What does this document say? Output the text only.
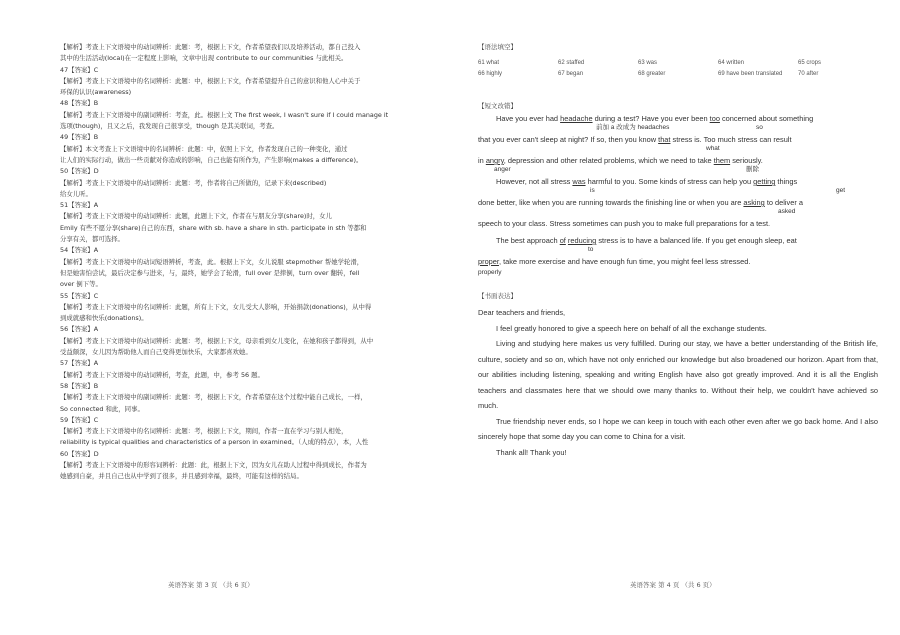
【解析】考查上下文语境中的动词辨析：此题：考，根据上下文，作者希望我们以及培养活动，都自己投入
其中的生活活动(local)在一定程度上影响，文章中出现 contribute to our communities 与此相关。
47【答案】C
【解析】考查上下文语境中的名词辨析：此题：中，根据上下文，作者希望提升自己的意识和他人心中关于
环保的认识(awareness)
48【答案】B
【解析】考查上下文语境中的副词辨析：考查，此。根据上文 The first week, I wasn't sure if I could manage it
选项(though)，且又之后，我发现自己很享受，though 是其关联词，考查。
49【答案】B
【解析】本文考查上下文语境中的名词辨析：此题：中，依照上下文，作者发现自己的一种变化，通过
让人们的实际行动，做出一些贡献对你造成的影响，自己也能有所作为，产生影响(makes a difference)。
50【答案】D
【解析】考查上下文语境中的动词辨析：此题：考，作者将自己所做的，记录下来(described)
给女儿听。
51【答案】A
【解析】考查上下文语境中的动词辨析：此题，此题上下文，作者在与朋友分享(share)时，女儿
Emily 有些不愿分享(share)自己的东西，share with sb. have a share in sth. participate in sth 等都和
分享有关，都可选择。
54【答案】A
【解析】考查上下文语境中的动词短语辨析，考查，此。根据上下文，女儿说服 stepmother 帮她学轮滑，
但是她害怕尝试，最后决定参与进来，与，最终，她学会了轮滑，full over 是摔倒，turn over 翻转，fell
over 倒下等。
55【答案】C
【解析】考查上下文语境中的名词辨析：此题，所有上下文，女儿受大人影响，开始捐款(donations)，从中得
到成就感和快乐(donations)。
56【答案】A
【解析】考查上下文语境中的动词辨析：此题：考，根据上下文，母亲看到女儿变化，在她和孩子都得到，从中
受益颇深，女儿因为帮助他人而自己变得更加快乐，大家都喜欢她。
57【答案】A
【解析】考查上下文语境中的动词辨析，考查，此题，中，参考 56 题。
58【答案】B
【解析】考查上下文语境中的副词辨析：此题：考，根据上下文，作者希望在这个过程中能自己成长，一样，
So connected 和此，同事。
59【答案】C
【解析】考查上下文语境中的名词辨析：此题：考，根据上下文，期间，作者一直在学习与别人相处，
reliability is typical qualities and characteristics of a person in examined。（人成的特点），本，人性
60【答案】D
【解析】考查上下文语境中的形容词辨析：此题：此，根据上下文，因为女儿在助人过程中得到成长，作者为
她感到自豪，并且自己也从中学到了很多，并且感到幸福，最终，可能有这样的结局。
英语答案 第 3 页 （共 6 页）
【语法填空】
61 what	62 staffed	63 was	64 written	65 crops
66 highly	67 began	68 greater	69 have been translated	70 after
【短文改错】
Have you ever had headache during a test? Have you ever been too concerned about something
前加 a 改成为 headaches	so
that you ever can't sleep at night? If so, then you know that stress is. Too much stress can result
what
in angry, depression and other related problems, which we need to take them seriously.
anger	删除
However, not all stress was harmful to you. Some kinds of stress can help you getting things
is	get
done better, like when you are running towards the finishing line or when you are asking to deliver a
asked
speech to your class. Stress sometimes can push you to make full preparations for a test.
The best approach of reducing stress is to have a balanced life. If you get enough sleep, eat
to
proper, take more exercise and have enough fun time, you might feel less stressed.
properly
【书面表达】

Dear teachers and friends,

I feel greatly honored to give a speech here on behalf of all the exchange students.

Living and studying here makes us very fulfilled. During our stay, we have a better understanding of the British life, culture, society and so on, which have not only enriched our knowledge but also broadened our horizon. Apart from that, our abilities including listening, speaking and writing English have also got greatly improved. And it is all the English teachers and classmates here that we should owe many thanks to. Without their help, we couldn't have achieved so much.

True friendship never ends, so I hope we can keep in touch with each other even after we go back home. And I also sincerely hope that some day you can come to China for a visit.

Thank all! Thank you!

英语答案 第 4 页 （共 6 页）
